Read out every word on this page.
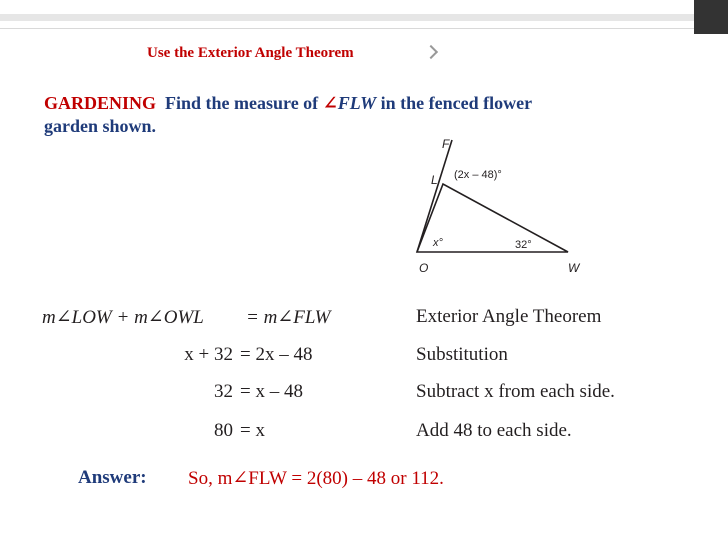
Use the Exterior Angle Theorem
GARDENING Find the measure of ∠FLW in the fenced flower garden shown.
F
L (2x – 48)°
x°	32°
O	W
m∠LOW + m∠OWL = m∠FLW	Exterior Angle Theorem
x + 32 = 2x – 48	Substitution
32 = x – 48	Subtract x from each side.
80 = x	Add 48 to each side.
Answer: So, m∠FLW = 2(80) – 48 or 112.
